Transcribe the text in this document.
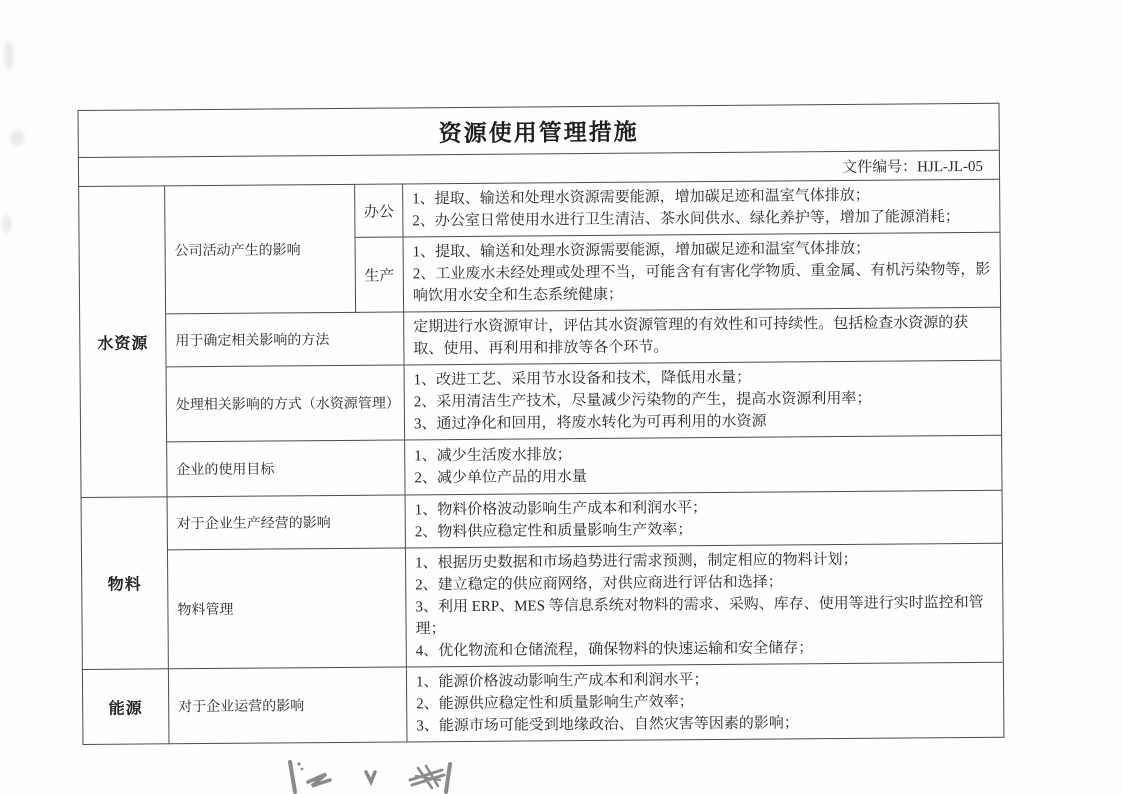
资源使用管理措施			

文件编号：HJL-JL-05			

水资源	公司活动产生的影响	办公	1、提取、输送和处理水资源需要能源，增加碳足迹和温室气体排放；
2、办公室日常使用水进行卫生清洁、茶水间供水、绿化养护等，增加了能源消耗；

		生产	1、提取、输送和处理水资源需要能源，增加碳足迹和温室气体排放；
2、工业废水未经处理或处理不当，可能含有有害化学物质、重金属、有机污染物等，影响饮用水安全和生态系统健康；

	用于确定相关影响的方法		定期进行水资源审计，评估其水资源管理的有效性和可持续性。包括检查水资源的获取、使用、再利用和排放等各个环节。

	处理相关影响的方式（水资源管理）		1、改进工艺、采用节水设备和技术，降低用水量；
2、采用清洁生产技术，尽量减少污染物的产生，提高水资源利用率；
3、通过净化和回用，将废水转化为可再利用的水资源

	企业的使用目标		1、减少生活废水排放；
2、减少单位产品的用水量

物料	对于企业生产经营的影响		1、物料价格波动影响生产成本和利润水平；
2、物料供应稳定性和质量影响生产效率；

	物料管理		1、根据历史数据和市场趋势进行需求预测，制定相应的物料计划；
2、建立稳定的供应商网络，对供应商进行评估和选择；
3、利用 ERP、MES 等信息系统对物料的需求、采购、库存、使用等进行实时监控和管理；
4、优化物流和仓储流程，确保物料的快速运输和安全储存；

能源	对于企业运营的影响		1、能源价格波动影响生产成本和利润水平；
2、能源供应稳定性和质量影响生产效率；
3、能源市场可能受到地缘政治、自然灾害等因素的影响；
